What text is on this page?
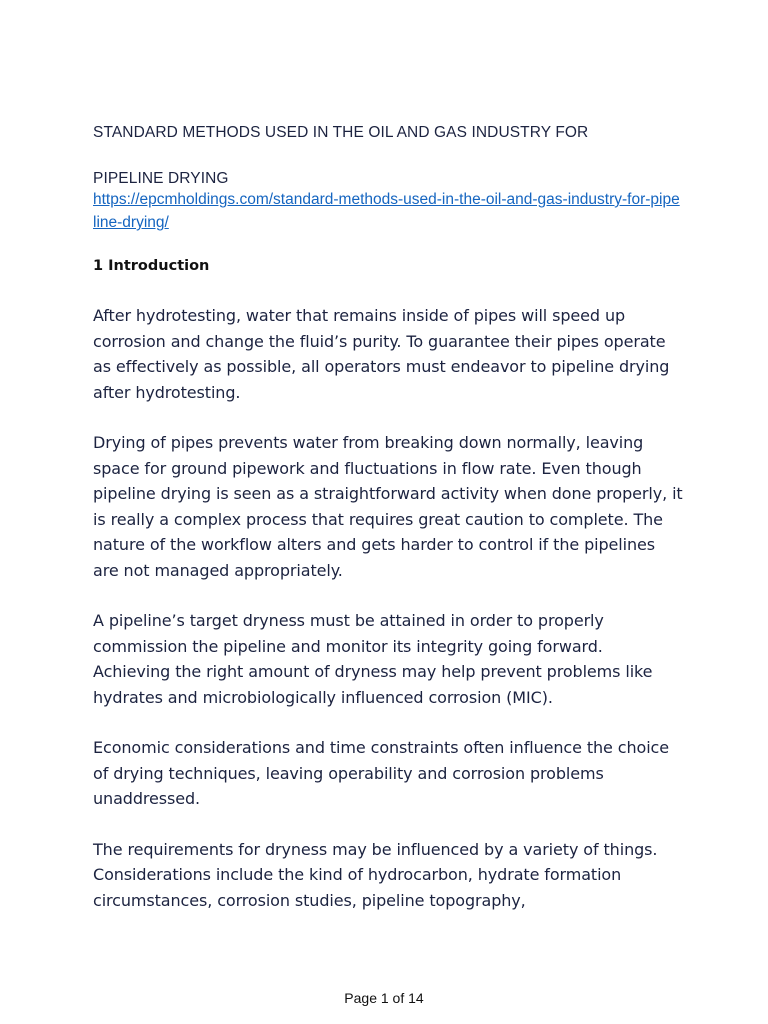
STANDARD METHODS USED IN THE OIL AND GAS INDUSTRY FOR
PIPELINE DRYING
https://epcmholdings.com/standard-methods-used-in-the-oil-and-gas-industry-for-pipeline-drying/
1 Introduction

After hydrotesting, water that remains inside of pipes will speed up corrosion and change the fluid’s purity. To guarantee their pipes operate as effectively as possible, all operators must endeavor to pipeline drying after hydrotesting.

Drying of pipes prevents water from breaking down normally, leaving space for ground pipework and fluctuations in flow rate. Even though pipeline drying is seen as a straightforward activity when done properly, it is really a complex process that requires great caution to complete. The nature of the workflow alters and gets harder to control if the pipelines are not managed appropriately.

A pipeline’s target dryness must be attained in order to properly commission the pipeline and monitor its integrity going forward. Achieving the right amount of dryness may help prevent problems like hydrates and microbiologically influenced corrosion (MIC).

Economic considerations and time constraints often influence the choice of drying techniques, leaving operability and corrosion problems unaddressed.

The requirements for dryness may be influenced by a variety of things. Considerations include the kind of hydrocarbon, hydrate formation circumstances, corrosion studies, pipeline topography,

Page 1 of 14
